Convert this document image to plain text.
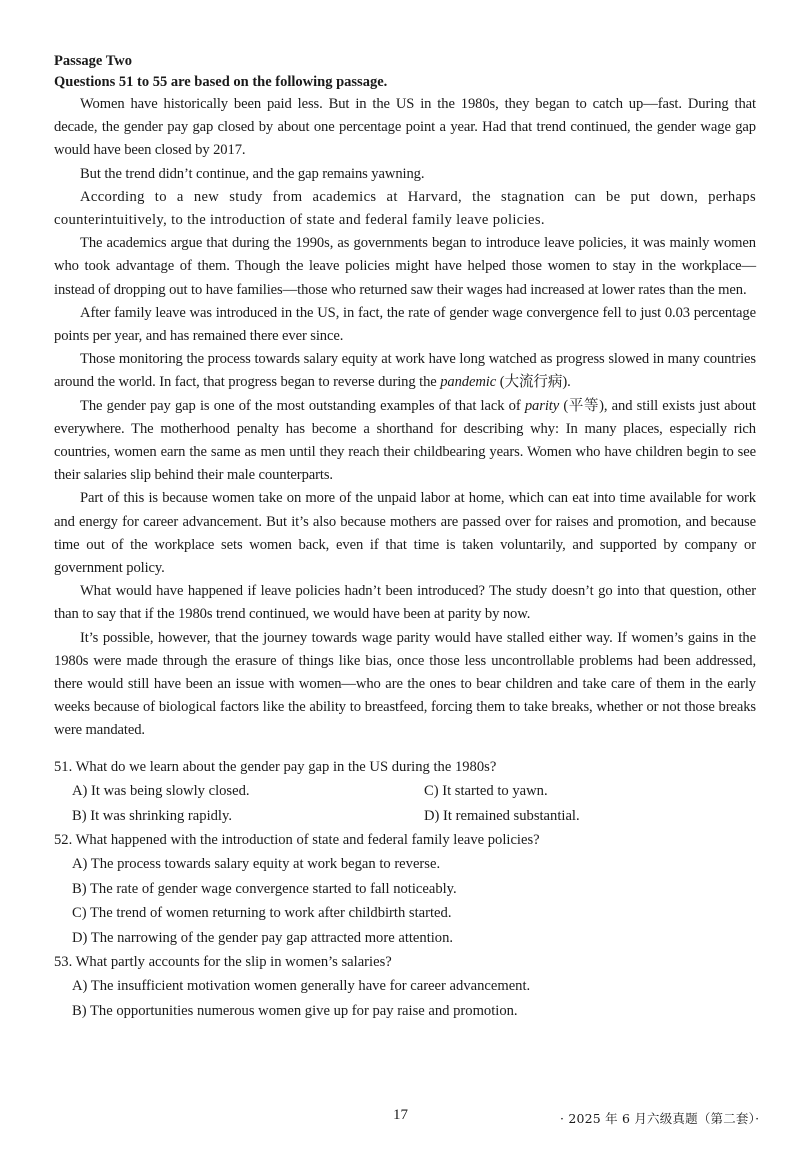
Passage Two

Questions 51 to 55 are based on the following passage.

Women have historically been paid less. But in the US in the 1980s, they began to catch up—fast. During that decade, the gender pay gap closed by about one percentage point a year. Had that trend continued, the gender wage gap would have been closed by 2017.

But the trend didn’t continue, and the gap remains yawning.

According to a new study from academics at Harvard, the stagnation can be put down, perhaps counterintuitively, to the introduction of state and federal family leave policies.

The academics argue that during the 1990s, as governments began to introduce leave policies, it was mainly women who took advantage of them. Though the leave policies might have helped those women to stay in the workplace—instead of dropping out to have families—those who returned saw their wages had increased at lower rates than the men.

After family leave was introduced in the US, in fact, the rate of gender wage convergence fell to just 0.03 percentage points per year, and has remained there ever since.

Those monitoring the process towards salary equity at work have long watched as progress slowed in many countries around the world. In fact, that progress began to reverse during the pandemic (大流行病).

The gender pay gap is one of the most outstanding examples of that lack of parity (平等), and still exists just about everywhere. The motherhood penalty has become a shorthand for describing why: In many places, especially rich countries, women earn the same as men until they reach their childbearing years. Women who have children begin to see their salaries slip behind their male counterparts.

Part of this is because women take on more of the unpaid labor at home, which can eat into time available for work and energy for career advancement. But it’s also because mothers are passed over for raises and promotion, and because time out of the workplace sets women back, even if that time is taken voluntarily, and supported by company or government policy.

What would have happened if leave policies hadn’t been introduced? The study doesn’t go into that question, other than to say that if the 1980s trend continued, we would have been at parity by now.

It’s possible, however, that the journey towards wage parity would have stalled either way. If women’s gains in the 1980s were made through the erasure of things like bias, once those less uncontrollable problems had been addressed, there would still have been an issue with women—who are the ones to bear children and take care of them in the early weeks because of biological factors like the ability to breastfeed, forcing them to take breaks, whether or not those breaks were mandated.

51. What do we learn about the gender pay gap in the US during the 1980s?

A) It was being slowly closed.	C) It started to yawn.
B) It was shrinking rapidly.	D) It remained substantial.

52. What happened with the introduction of state and federal family leave policies?

A) The process towards salary equity at work began to reverse.

B) The rate of gender wage convergence started to fall noticeably.

C) The trend of women returning to work after childbirth started.

D) The narrowing of the gender pay gap attracted more attention.

53. What partly accounts for the slip in women’s salaries?

A) The insufficient motivation women generally have for career advancement.

B) The opportunities numerous women give up for pay raise and promotion.

17	· 2025 年 6 月六级真题（第二套）·
